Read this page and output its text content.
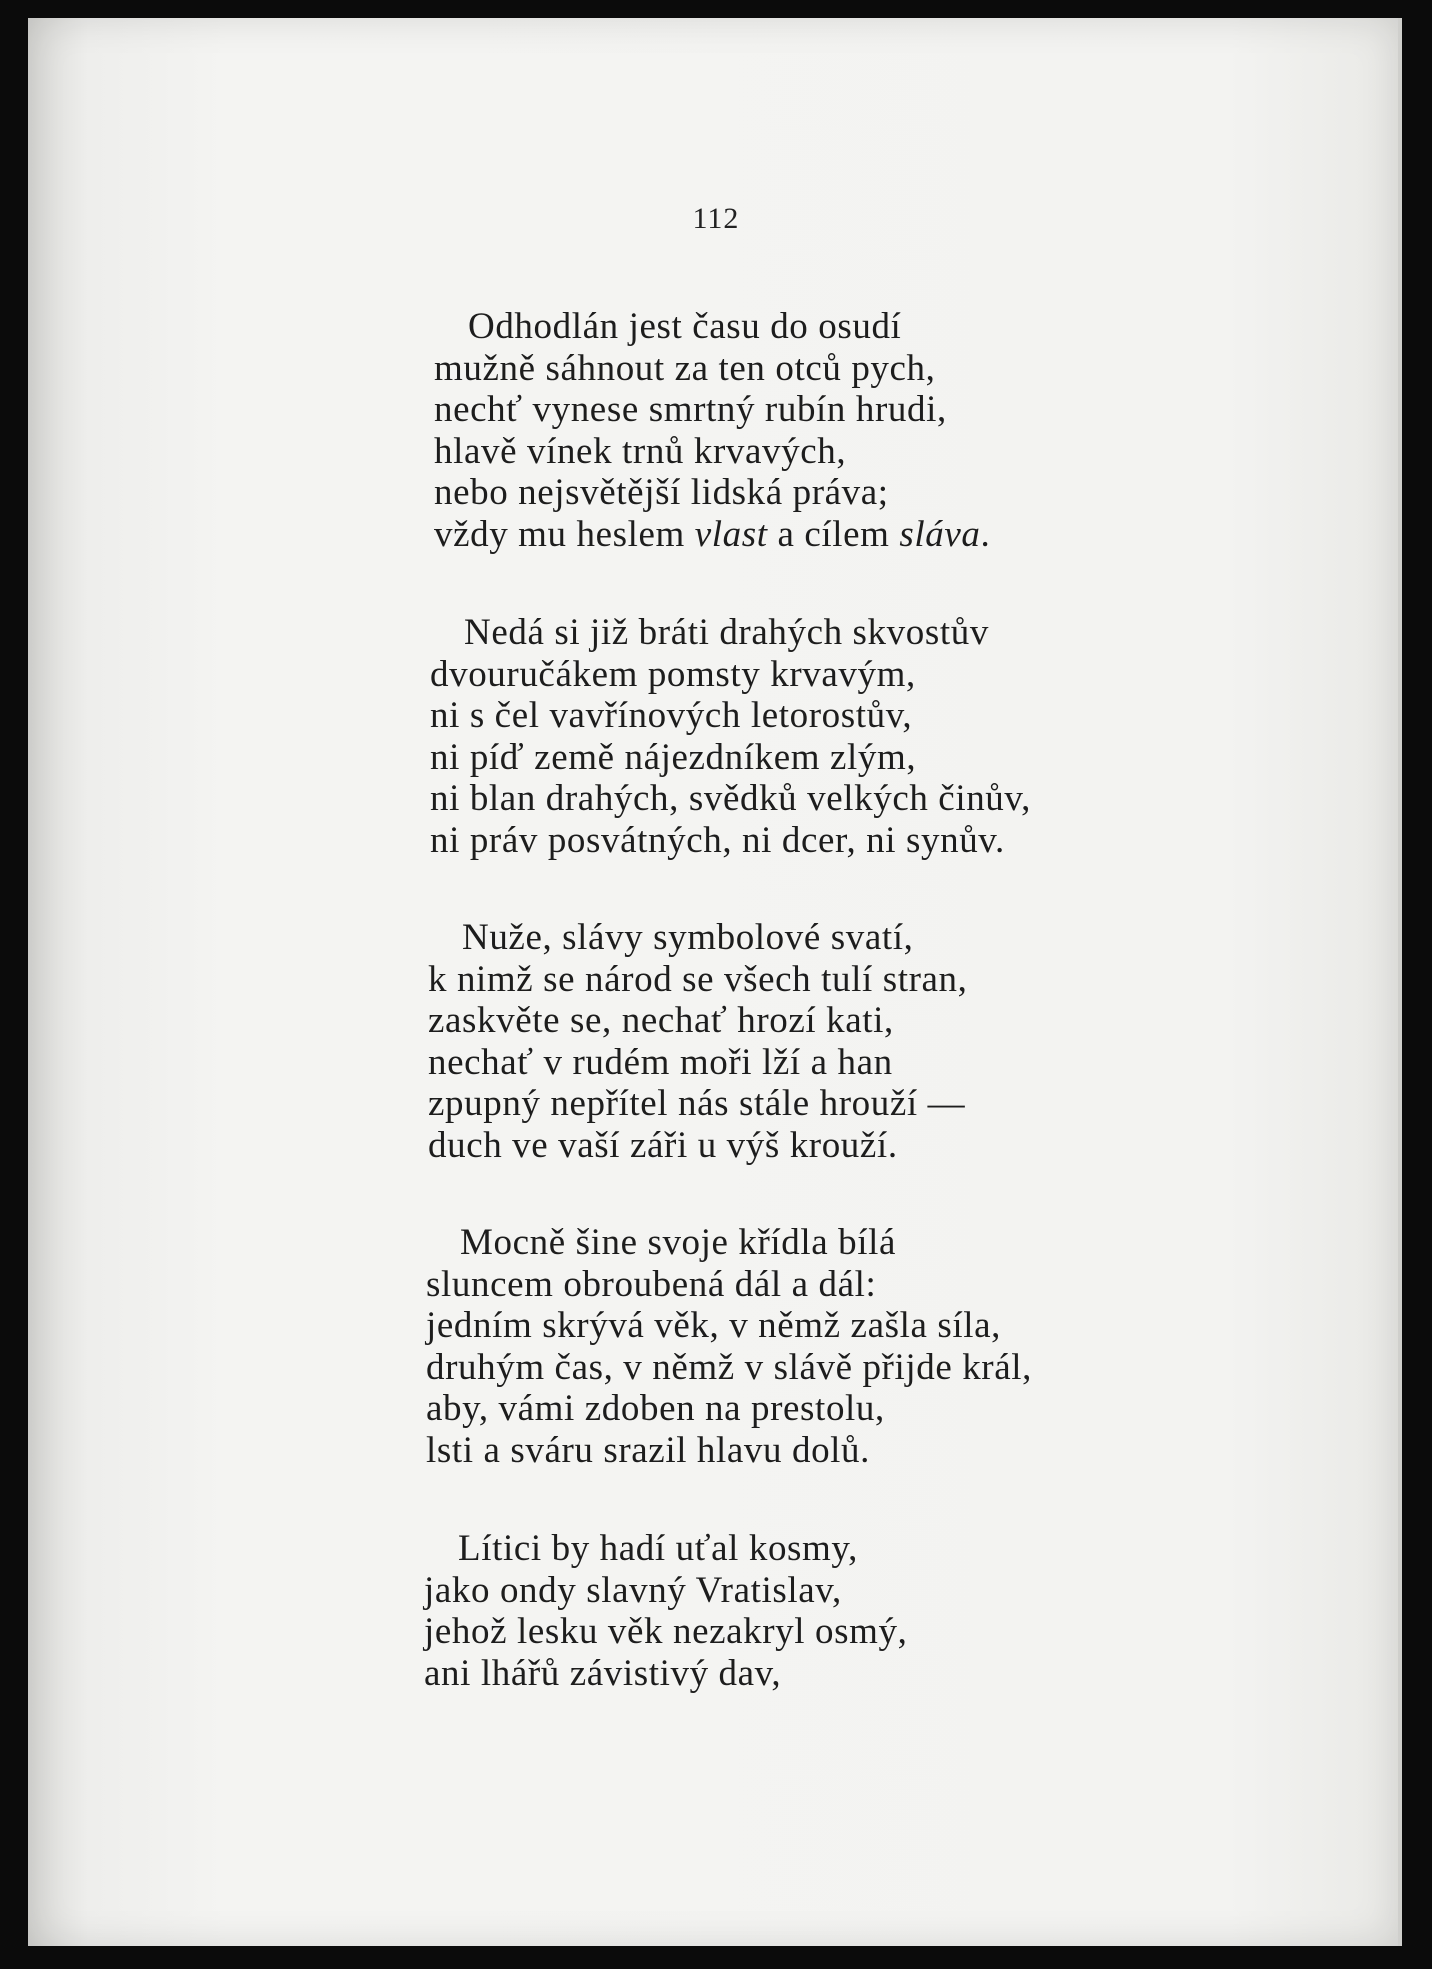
112
Odhodlán jest času do osudí
mužně sáhnout za ten otců pych,
nechť vynese smrtný rubín hrudi,
hlavě vínek trnů krvavých,
nebo nejsvětější lidská práva;
vždy mu heslem vlast a cílem sláva.
Nedá si již bráti drahých skvostův
dvouručákem pomsty krvavým,
ni s čel vavřínových letorostův,
ni píď země nájezdníkem zlým,
ni blan drahých, svědků velkých činův,
ni práv posvátných, ni dcer, ni synův.
Nuže, slávy symbolové svatí,
k nimž se národ se všech tulí stran,
zaskvěte se, nechať hrozí kati,
nechať v rudém moři lží a han
zpupný nepřítel nás stále hrouží —
duch ve vaší záři u výš krouží.
Mocně šine svoje křídla bílá
sluncem obroubená dál a dál:
jedním skrývá věk, v němž zašla síla,
druhým čas, v němž v slávě přijde král,
aby, vámi zdoben na prestolu,
lsti a sváru srazil hlavu dolů.
Lítici by hadí uťal kosmy,
jako ondy slavný Vratislav,
jehož lesku věk nezakryl osmý,
ani lhářů závistivý dav,
